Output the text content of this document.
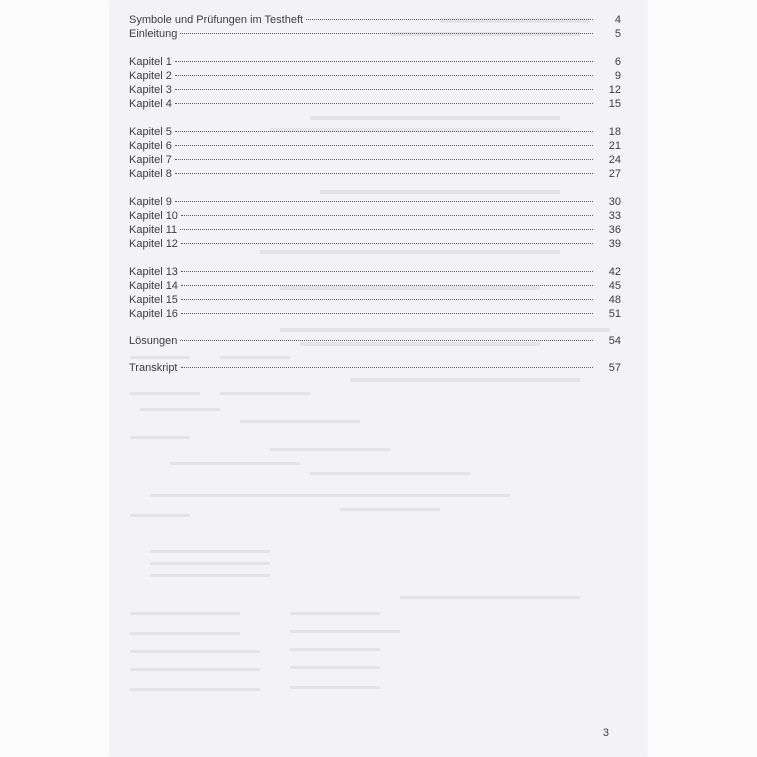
Symbole und Prüfungen im Testheft	4
Einleitung	5
Kapitel 1	6
Kapitel 2	9
Kapitel 3	12
Kapitel 4	15
Kapitel 5	18
Kapitel 6	21
Kapitel 7	24
Kapitel 8	27
Kapitel 9	30
Kapitel 10	33
Kapitel 11	36
Kapitel 12	39
Kapitel 13	42
Kapitel 14	45
Kapitel 15	48
Kapitel 16	51
Lösungen	54
Transkript	57
3
